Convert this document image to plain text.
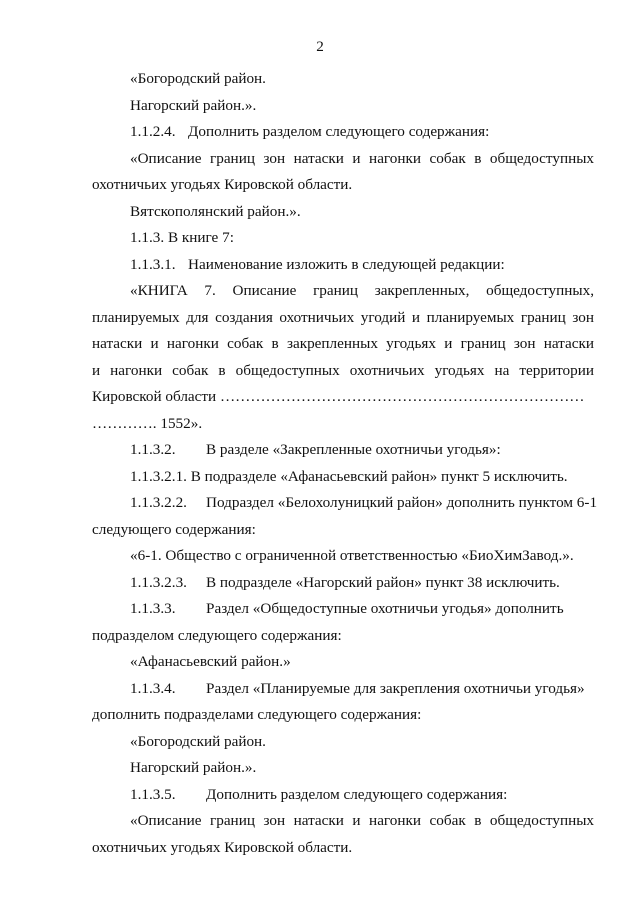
2
«Богородский район.
Нагорский район.».
1.1.2.4. Дополнить разделом следующего содержания:
«Описание границ зон натаски и нагонки собак в общедоступных
охотничьих угодьях Кировской области.
Вятскополянский район.».
1.1.3. В книге 7:
1.1.3.1. Наименование изложить в следующей редакции:
«КНИГА 7. Описание границ закрепленных, общедоступных,
планируемых для создания охотничьих угодий и планируемых границ зон
натаски и нагонки собак в закрепленных угодьях и границ зон натаски
и нагонки собак в общедоступных охотничьих угодьях на территории
Кировской области ………………………………………………………………
…………. 1552».
1.1.3.2. В разделе «Закрепленные охотничьи угодья»:
1.1.3.2.1. В подразделе «Афанасьевский район» пункт 5 исключить.
1.1.3.2.2. Подраздел «Белохолуницкий район» дополнить пунктом 6-1
следующего содержания:
«6-1. Общество с ограниченной ответственностью «БиоХимЗавод.».
1.1.3.2.3. В подразделе «Нагорский район» пункт 38 исключить.
1.1.3.3. Раздел «Общедоступные охотничьи угодья» дополнить
подразделом следующего содержания:
«Афанасьевский район.»
1.1.3.4. Раздел «Планируемые для закрепления охотничьи угодья»
дополнить подразделами следующего содержания:
«Богородский район.
Нагорский район.».
1.1.3.5. Дополнить разделом следующего содержания:
«Описание границ зон натаски и нагонки собак в общедоступных
охотничьих угодьях Кировской области.
